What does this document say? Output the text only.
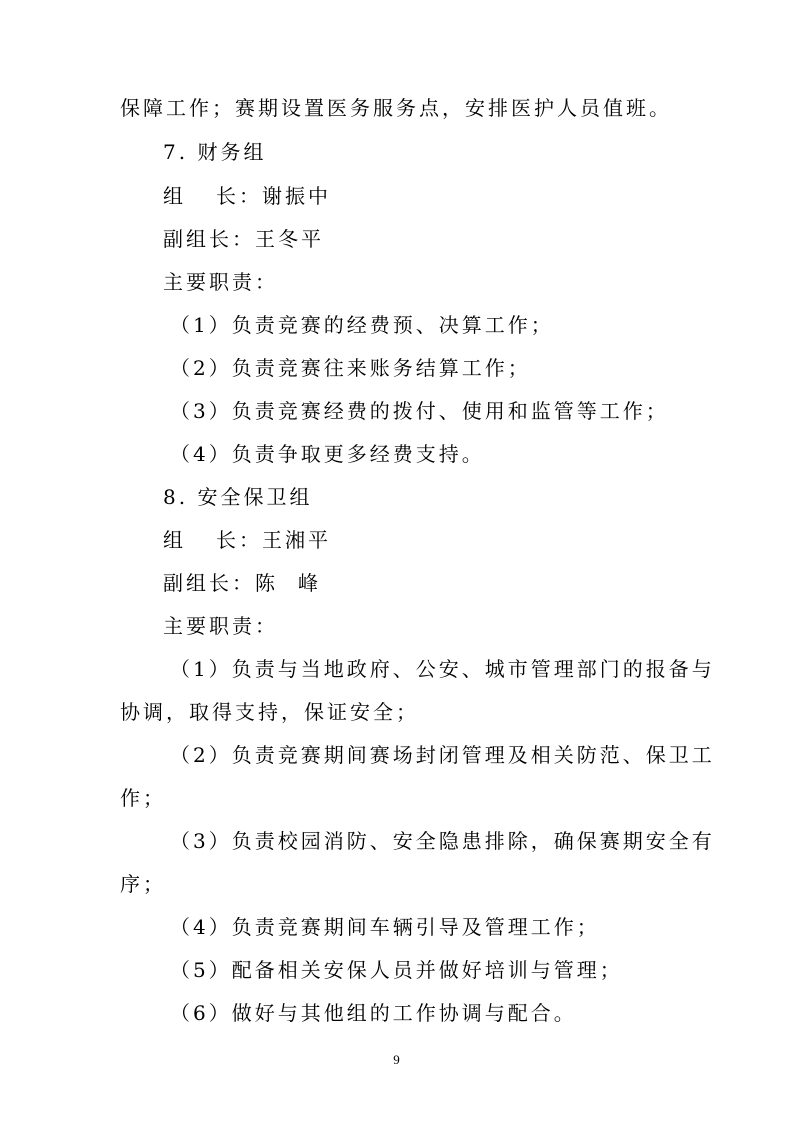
保障工作；赛期设置医务服务点，安排医护人员值班。
7. 财务组
组 长：谢振中
副组长：王冬平
主要职责：
（1）负责竞赛的经费预、决算工作；
（2）负责竞赛往来账务结算工作；
（3）负责竞赛经费的拨付、使用和监管等工作；
（4）负责争取更多经费支持。
8. 安全保卫组
组 长：王湘平
副组长：陈 峰
主要职责：
（1）负责与当地政府、公安、城市管理部门的报备与
协调，取得支持，保证安全；
（2）负责竞赛期间赛场封闭管理及相关防范、保卫工
作；
（3）负责校园消防、安全隐患排除，确保赛期安全有
序；
（4）负责竞赛期间车辆引导及管理工作；
（5）配备相关安保人员并做好培训与管理；
（6）做好与其他组的工作协调与配合。
9
